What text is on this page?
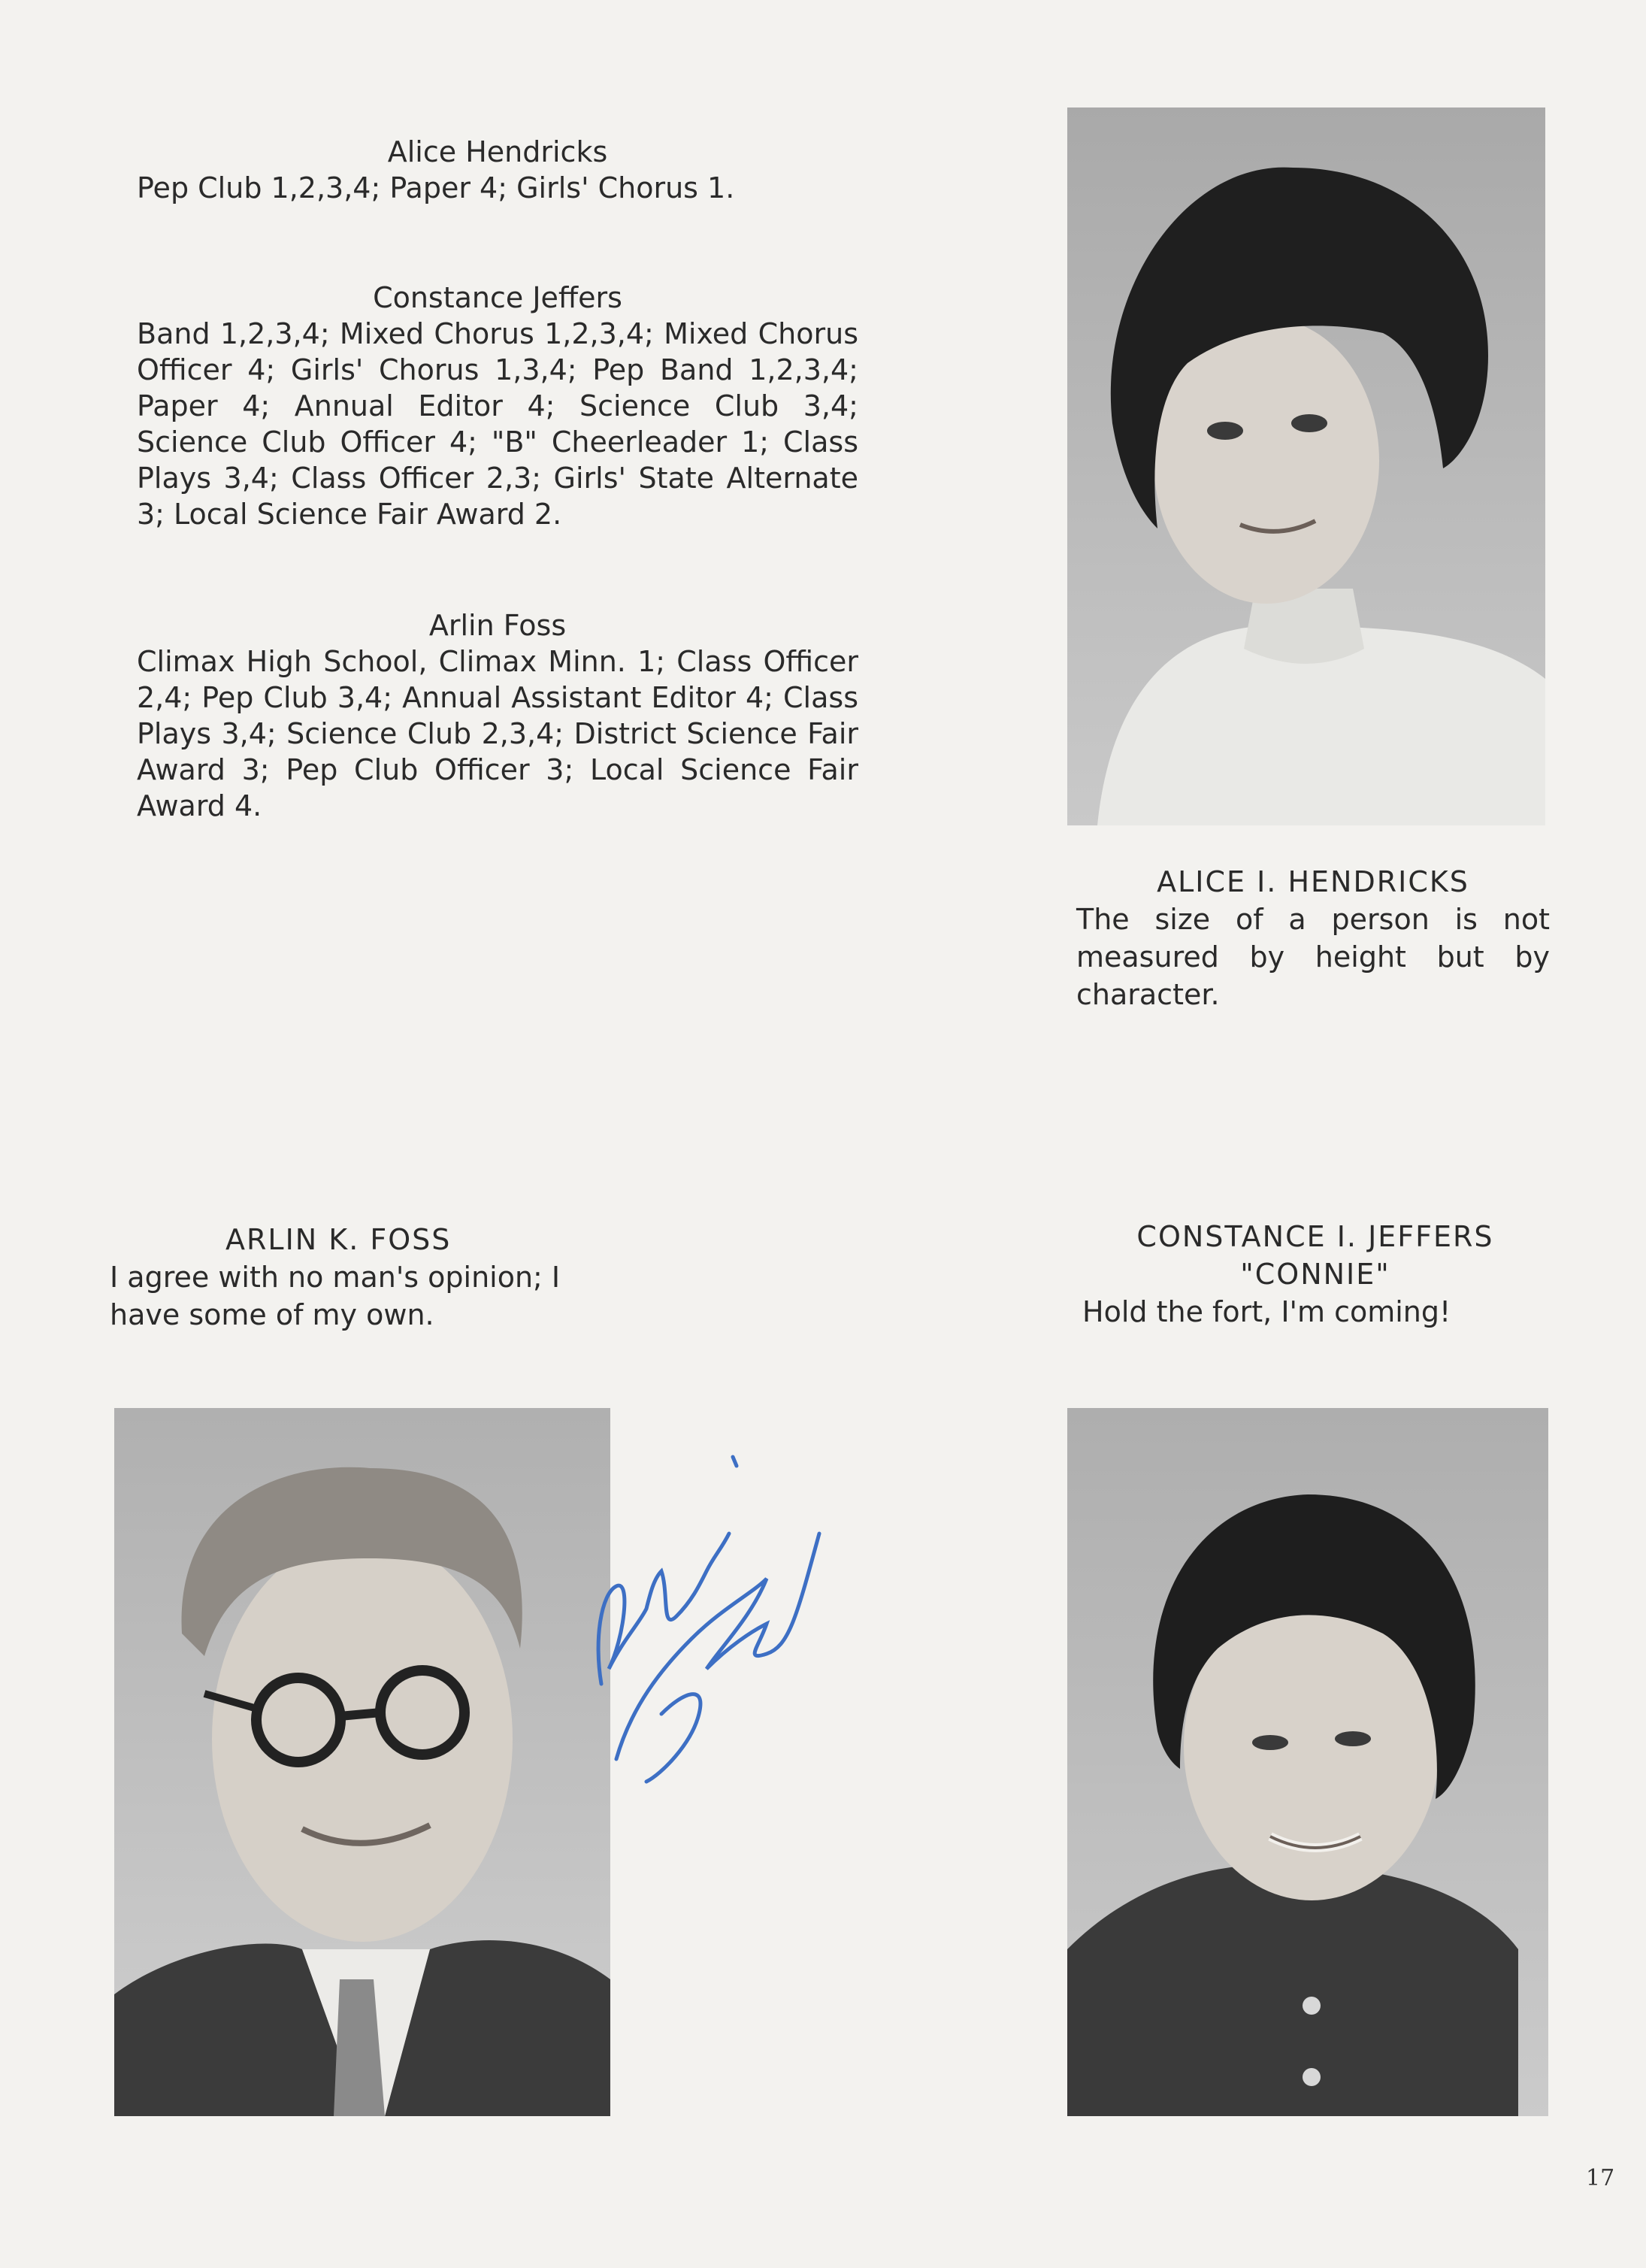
Alice Hendricks
Pep Club 1,2,3,4; Paper 4; Girls' Chorus 1.
Constance Jeffers
Band 1,2,3,4; Mixed Chorus 1,2,3,4; Mixed Chorus Officer 4; Girls' Chorus 1,3,4; Pep Band 1,2,3,4; Paper 4; Annual Editor 4; Science Club 3,4; Science Club Officer 4; "B" Cheerleader 1; Class Plays 3,4; Class Officer 2,3; Girls' State Alternate 3; Local Science Fair Award 2.
Arlin Foss
Climax High School, Climax Minn. 1; Class Officer 2,4; Pep Club 3,4; Annual Assistant Editor 4; Class Plays 3,4; Science Club 2,3,4; District Science Fair Award 3; Pep Club Officer 3; Local Science Fair Award 4.
ALICE I. HENDRICKS
The size of a person is not measured by height but by character.
ARLIN K. FOSS
I agree with no man's opinion; I have some of my own.
CONSTANCE I. JEFFERS
"CONNIE"
Hold the fort, I'm coming!
17
